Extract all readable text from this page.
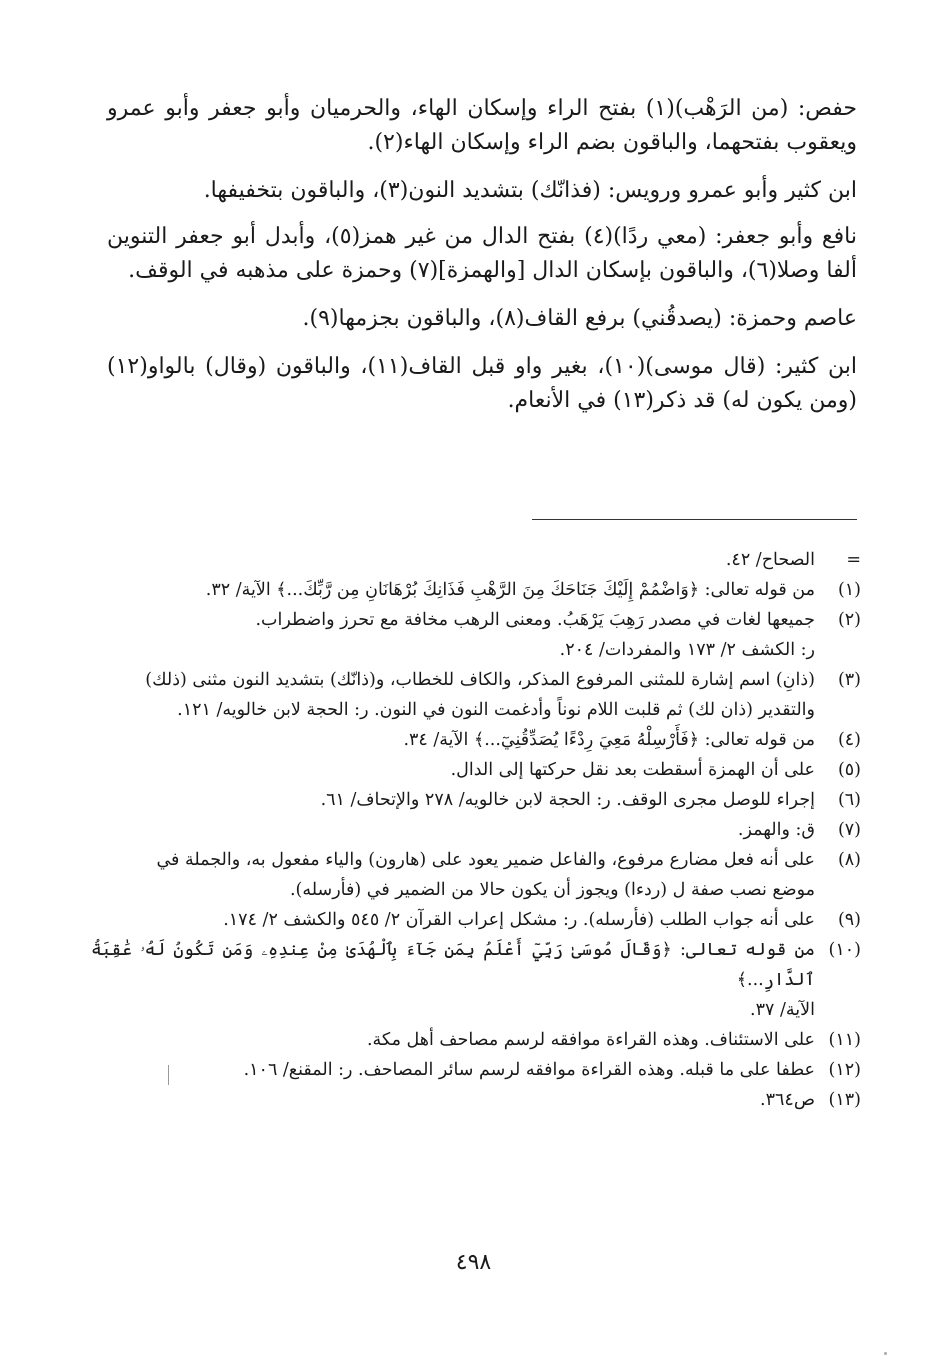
حفص: (من الرَهْب)(١) بفتح الراء وإسكان الهاء، والحرميان وأبو جعفر وأبو عمرو ويعقوب بفتحهما، والباقون بضم الراء وإسكان الهاء(٢).

ابن كثير وأبو عمرو ورويس: (فذانّك) بتشديد النون(٣)، والباقون بتخفيفها.

نافع وأبو جعفر: (معي ردًا)(٤) بفتح الدال من غير همز(٥)، وأبدل أبو جعفر التنوين ألفا وصلا(٦)، والباقون بإسكان الدال [والهمزة](٧) وحمزة على مذهبه في الوقف.

عاصم وحمزة: (يصدقُني) برفع القاف(٨)، والباقون بجزمها(٩).

ابن كثير: (قال موسى)(١٠)، بغير واو قبل القاف(١١)، والباقون (وقال) بالواو(١٢) (ومن يكون له) قد ذكر(١٣) في الأنعام.

=
الصحاح/ ٤٢.
(١)
من قوله تعالى: ﴿وَاضْمُمْ إِلَيْكَ جَنَاحَكَ مِنَ الرَّهْبِ فَذَانِكَ بُرْهَانَانِ مِن رَّبِّكَ...﴾ الآية/ ٣٢.
(٢)
جميعها لغات في مصدر رَهِبَ يَرْهَبُ. ومعنى الرهب مخافة مع تحرز واضطراب.
ر: الكشف ٢/ ١٧٣ والمفردات/ ٢٠٤.
(٣)
(ذانِ) اسم إشارة للمثنى المرفوع المذكر، والكاف للخطاب، و(ذانّك) بتشديد النون مثنى (ذلك)
والتقدير (ذان لك) ثم قلبت اللام نوناً وأدغمت النون في النون. ر: الحجة لابن خالويه/ ١٢١.
(٤)
من قوله تعالى: ﴿فَأَرْسِلْهُ مَعِيَ رِدْءًا يُصَدِّقُنِيٓ...﴾ الآية/ ٣٤.
(٥)
على أن الهمزة أسقطت بعد نقل حركتها إلى الدال.
(٦)
إجراء للوصل مجرى الوقف. ر: الحجة لابن خالويه/ ٢٧٨ والإتحاف/ ٦١.
(٧)
ق: والهمز.
(٨)
على أنه فعل مضارع مرفوع، والفاعل ضمير يعود على (هارون) والياء مفعول به، والجملة في
موضع نصب صفة ل (ردءا) ويجوز أن يكون حالا من الضمير في (فأرسله).
(٩)
على أنه جواب الطلب (فأرسله). ر: مشكل إعراب القرآن ٢/ ٥٤٥ والكشف ٢/ ١٧٤.
(١٠)
من قوله تعالى: ﴿وَقَالَ مُوسَىٰ رَبِّيٓ أَعْلَمُ بِمَن جَآءَ بِٱلْهُدَىٰ مِنْ عِندِهِۦ وَمَن تَكُونُ لَهُۥ عَٰقِبَةُ ٱلدَّارِ...﴾
الآية/ ٣٧.
(١١)
على الاستئناف. وهذه القراءة موافقه لرسم مصاحف أهل مكة.
(١٢)
عطفا على ما قبله. وهذه القراءة موافقه لرسم سائر المصاحف. ر: المقنع/ ١٠٦.
(١٣)
ص٣٦٤.
٤٩٨
